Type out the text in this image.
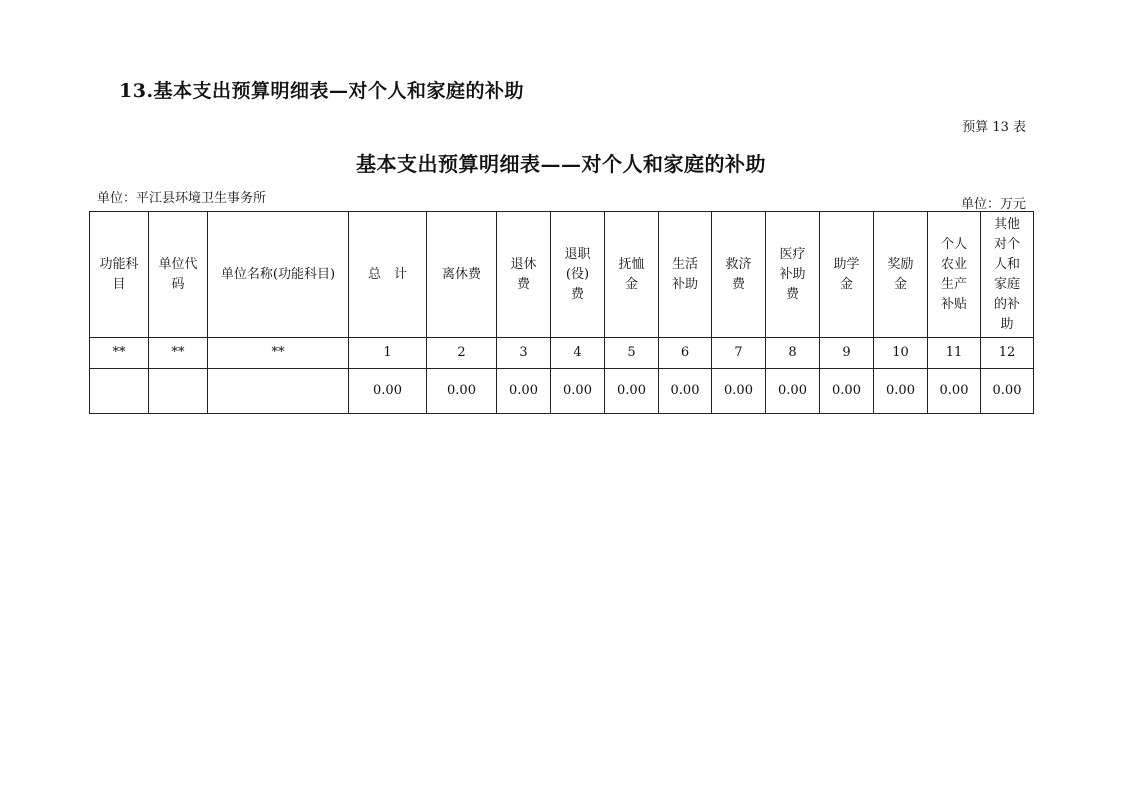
13.基本支出预算明细表—对个人和家庭的补助
预算 13 表
基本支出预算明细表——对个人和家庭的补助
单位：平江县环境卫生事务所	单位：万元
功能科目	单位代码	单位名称(功能科目)	总　计	离休费	退休费	退职(役)费	抚恤金	生活补助	救济费	医疗补助费	助学金	奖励金	个人农业生产补贴	其他对个人和家庭的补助

**	**	**	1	2	3	4	5	6	7	8	9	10	11	12
			0.00	0.00	0.00	0.00	0.00	0.00	0.00	0.00	0.00	0.00	0.00	0.00
